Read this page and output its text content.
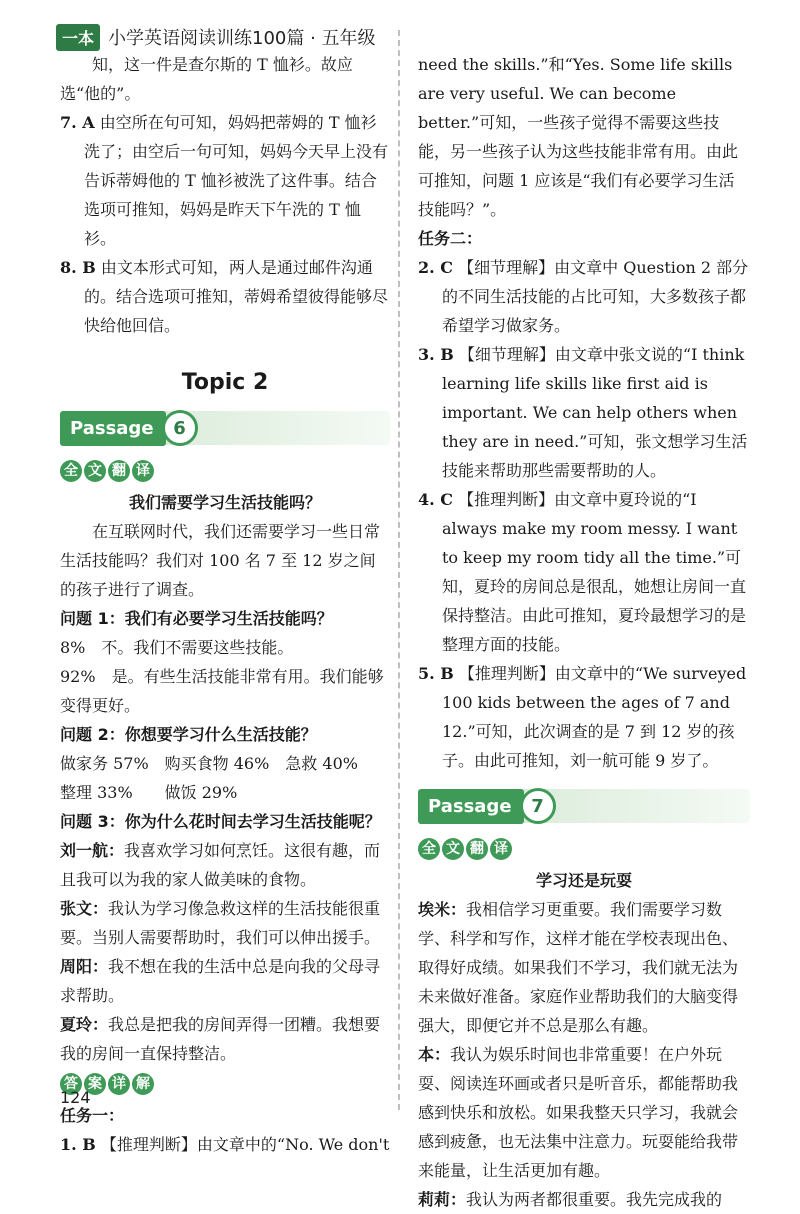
一本 小学英语阅读训练100篇 · 五年级

知，这一件是查尔斯的 T 恤衫。故应选“他的”。

7. A 由空所在句可知，妈妈把蒂姆的 T 恤衫洗了；由空后一句可知，妈妈今天早上没有告诉蒂姆他的 T 恤衫被洗了这件事。结合选项可推知，妈妈是昨天下午洗的 T 恤衫。

8. B 由文本形式可知，两人是通过邮件沟通的。结合选项可推知，蒂姆希望彼得能够尽快给他回信。

Topic 2
Passage	6
全 文 翻 译

我们需要学习生活技能吗？

在互联网时代，我们还需要学习一些日常生活技能吗？我们对 100 名 7 至 12 岁之间的孩子进行了调查。

问题 1：我们有必要学习生活技能吗？

8%　不。我们不需要这些技能。

92%　是。有些生活技能非常有用。我们能够变得更好。

问题 2：你想要学习什么生活技能？

做家务 57%　购买食物 46%　急救 40%

整理 33%　　做饭 29%

问题 3：你为什么花时间去学习生活技能呢？

刘一航：我喜欢学习如何烹饪。这很有趣，而且我可以为我的家人做美味的食物。

张文：我认为学习像急救这样的生活技能很重要。当别人需要帮助时，我们可以伸出援手。

周阳：我不想在我的生活中总是向我的父母寻求帮助。

夏玲：我总是把我的房间弄得一团糟。我想要我的房间一直保持整洁。

答 案 详 解

任务一：

1. B 【推理判断】由文章中的“No. We don't

need the skills.”和“Yes. Some life skills are very useful. We can become better.”可知，一些孩子觉得不需要这些技能，另一些孩子认为这些技能非常有用。由此可推知，问题 1 应该是“我们有必要学习生活技能吗？”。

任务二：

2. C 【细节理解】由文章中 Question 2 部分的不同生活技能的占比可知，大多数孩子都希望学习做家务。

3. B 【细节理解】由文章中张文说的“I think learning life skills like first aid is important. We can help others when they are in need.”可知，张文想学习生活技能来帮助那些需要帮助的人。

4. C 【推理判断】由文章中夏玲说的“I always make my room messy. I want to keep my room tidy all the time.”可知，夏玲的房间总是很乱，她想让房间一直保持整洁。由此可推知，夏玲最想学习的是整理方面的技能。

5. B 【推理判断】由文章中的“We surveyed 100 kids between the ages of 7 and 12.”可知，此次调查的是 7 到 12 岁的孩子。由此可推知，刘一航可能 9 岁了。

Passage	7
全 文 翻 译

学习还是玩耍

埃米：我相信学习更重要。我们需要学习数学、科学和写作，这样才能在学校表现出色、取得好成绩。如果我们不学习，我们就无法为未来做好准备。家庭作业帮助我们的大脑变得强大，即便它并不总是那么有趣。

本：我认为娱乐时间也非常重要！在户外玩耍、阅读连环画或者只是听音乐，都能帮助我感到快乐和放松。如果我整天只学习，我就会感到疲惫，也无法集中注意力。玩耍能给我带来能量，让生活更加有趣。

莉莉：我认为两者都很重要。我先完成我的

124
